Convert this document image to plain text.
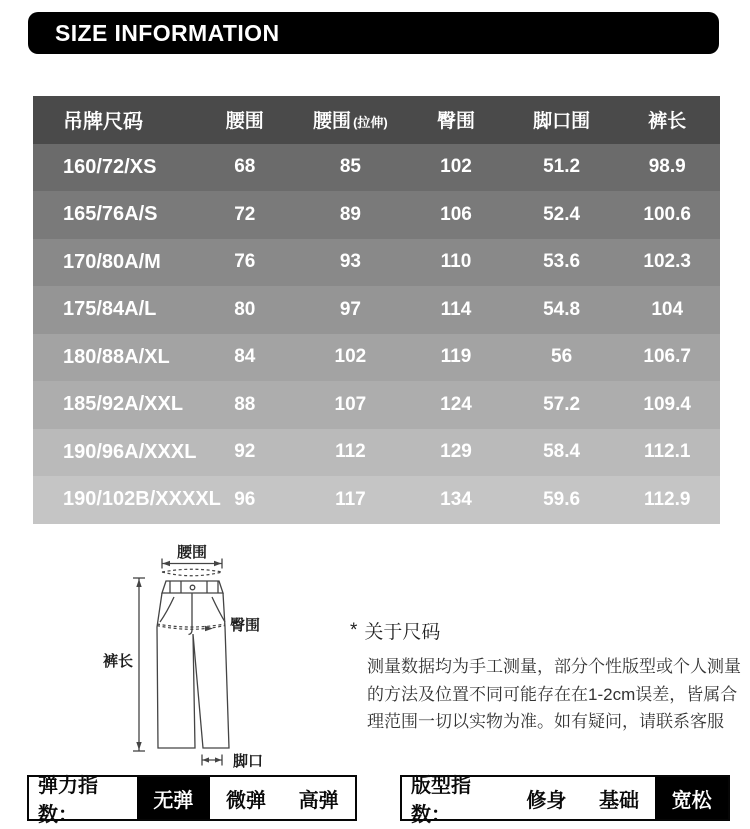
SIZE INFORMATION
吊牌尺码	腰围	腰围 (拉伸)	臀围	脚口围	裤长
160/72/XS	68	85	102	51.2	98.9
165/76A/S	72	89	106	52.4	100.6
170/80A/M	76	93	110	53.6	102.3
175/84A/L	80	97	114	54.8	104
180/88A/XL	84	102	119	56	106.7
185/92A/XXL	88	107	124	57.2	109.4
190/96A/XXXL	92	112	129	58.4	112.1
190/102B/XXXXL	96	117	134	59.6	112.9
腰围
臀围
裤长
脚口
* 关于尺码
测量数据均为手工测量，部分个性版型或个人测量
的方法及位置不同可能存在在1-2cm误差，皆属合
理范围一切以实物为准。如有疑问，请联系客服
弹力指数：
无弹	微弹	高弹
版型指数：
修身	基础	宽松
